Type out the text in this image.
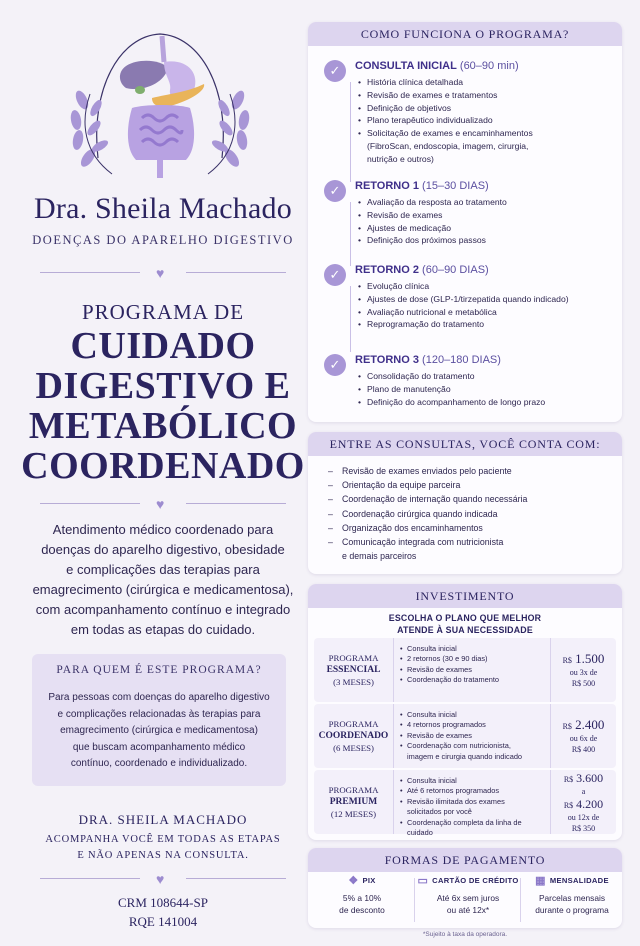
Dra. Sheila Machado
DOENÇAS DO APARELHO DIGESTIVO
♥
PROGRAMA DE
CUIDADO
DIGESTIVO E
METABÓLICO
COORDENADO
♥
Atendimento médico coordenado para
doenças do aparelho digestivo, obesidade
e complicações das terapias para
emagrecimento (cirúrgica e medicamentosa),
com acompanhamento contínuo e integrado
em todas as etapas do cuidado.
PARA QUEM É ESTE PROGRAMA?
Para pessoas com doenças do aparelho digestivo
e complicações relacionadas às terapias para
emagrecimento (cirúrgica e medicamentosa)
que buscam acompanhamento médico
contínuo, coordenado e individualizado.
DRA. SHEILA MACHADO
ACOMPANHA VOCÊ EM TODAS AS ETAPAS
E NÃO APENAS NA CONSULTA.
♥
CRM 108644-SP
RQE 141004
COMO FUNCIONA O PROGRAMA?
✓	CONSULTA INICIAL (60–90 min)
• História clínica detalhada
• Revisão de exames e tratamentos
• Definição de objetivos
• Plano terapêutico individualizado
• Solicitação de exames e encaminhamentos
(FibroScan, endoscopia, imagem, cirurgia,
nutrição e outros)
✓	RETORNO 1 (15–30 DIAS)
• Avaliação da resposta ao tratamento
• Revisão de exames
• Ajustes de medicação
• Definição dos próximos passos
✓	RETORNO 2 (60–90 DIAS)
• Evolução clínica
• Ajustes de dose (GLP-1/tirzepatida quando indicado)
• Avaliação nutricional e metabólica
• Reprogramação do tratamento
✓	RETORNO 3 (120–180 DIAS)
• Consolidação do tratamento
• Plano de manutenção
• Definição do acompanhamento de longo prazo
ENTRE AS CONSULTAS, VOCÊ CONTA COM:
– Revisão de exames enviados pelo paciente
– Orientação da equipe parceira
– Coordenação de internação quando necessária
– Coordenação cirúrgica quando indicada
– Organização dos encaminhamentos
– Comunicação integrada com nutricionista
e demais parceiros
INVESTIMENTO
ESCOLHA O PLANO QUE MELHOR
ATENDE À SUA NECESSIDADE
PROGRAMA
ESSENCIAL
(3 MESES)
• Consulta inicial
• 2 retornos (30 e 90 dias)
• Revisão de exames
• Coordenação do tratamento
R$ 1.500
ou 3x de
R$ 500
PROGRAMA
COORDENADO
(6 MESES)
• Consulta inicial
• 4 retornos programados
• Revisão de exames
• Coordenação com nutricionista,
imagem e cirurgia quando indicado
R$ 2.400
ou 6x de
R$ 400
PROGRAMA
PREMIUM
(12 MESES)
• Consulta inicial
• Até 6 retornos programados
• Revisão ilimitada dos exames
solicitados por você
• Coordenação completa da linha de cuidado
R$ 3.600
a
R$ 4.200
ou 12x de
R$ 350
FORMAS DE PAGAMENTO
❖ PIX
5% a 10%
de desconto
▭ CARTÃO DE CRÉDITO
Até 6x sem juros
ou até 12x*
▦ MENSALIDADE
Parcelas mensais
durante o programa
*Sujeito à taxa da operadora.
